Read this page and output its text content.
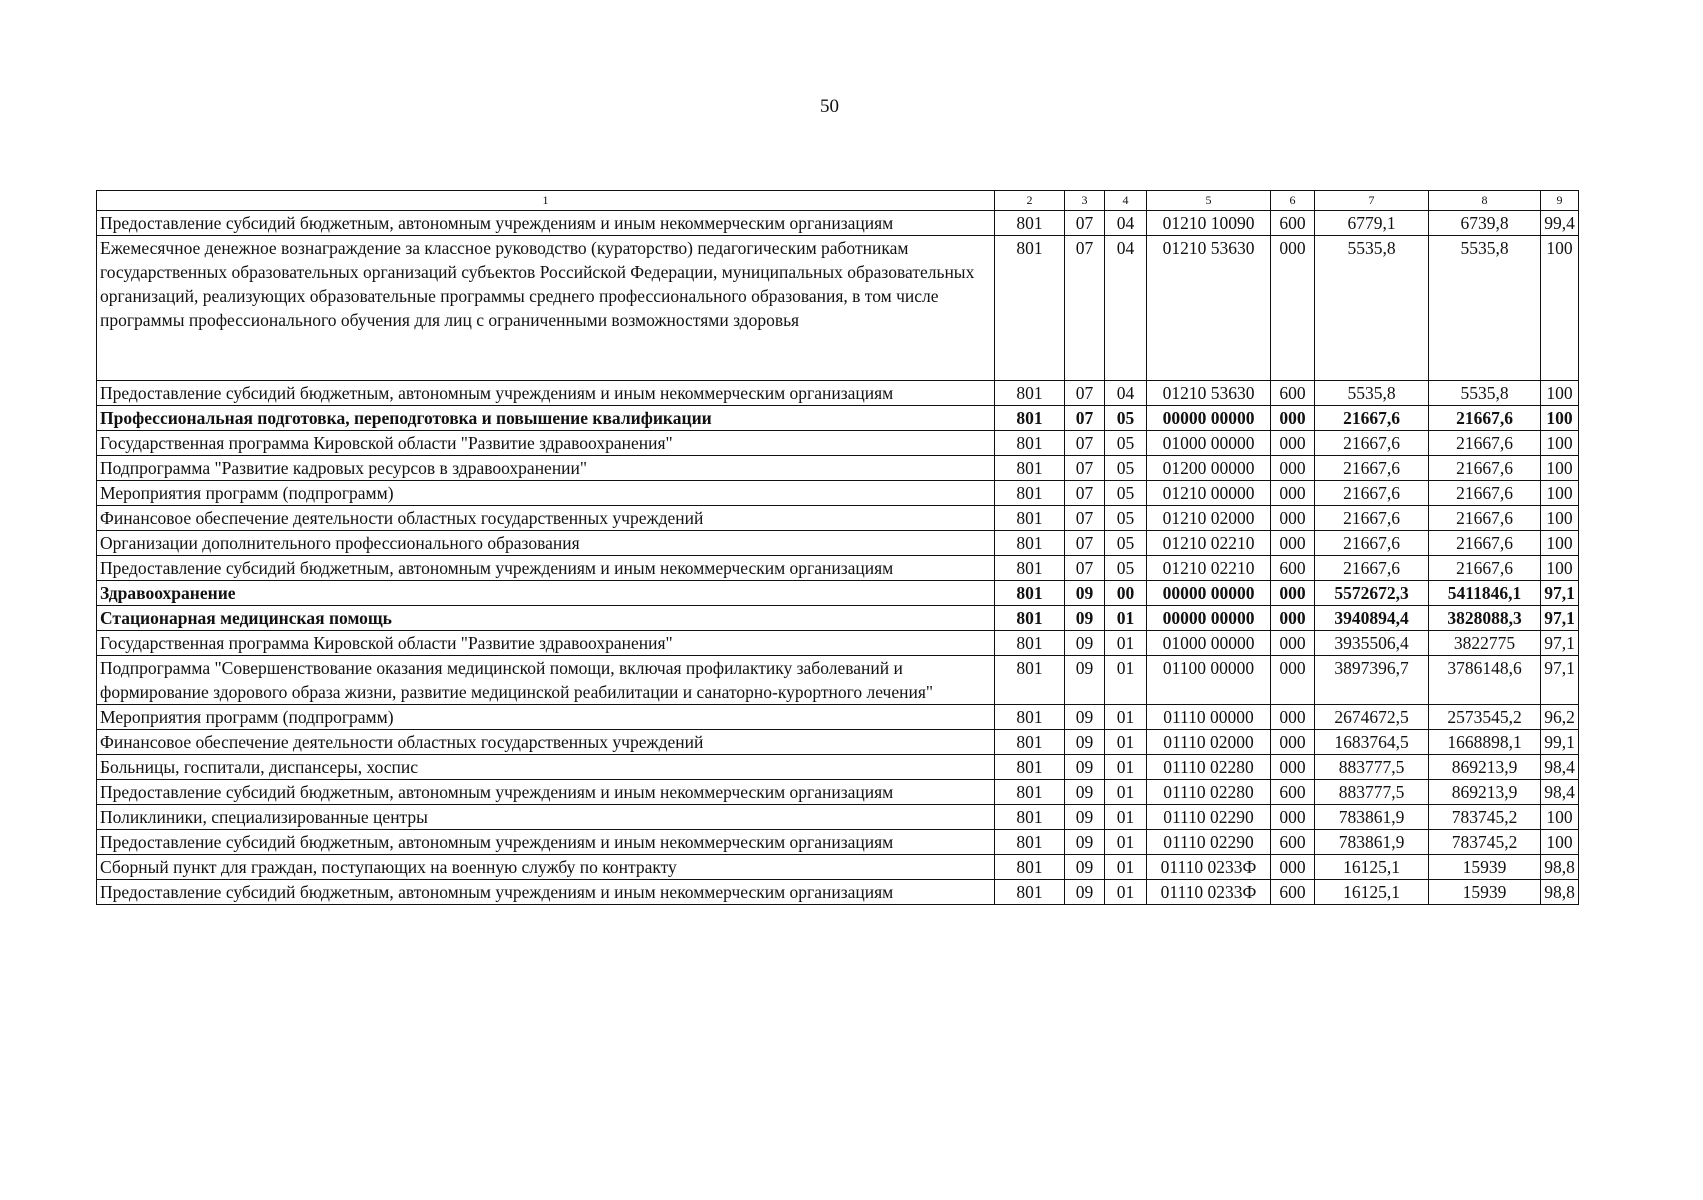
50
1	2	3	4	5	6	7	8	9
Предоставление субсидий бюджетным, автономным учреждениям и иным некоммерческим организациям	801	07	04	01210 10090	600	6779,1	6739,8	99,4
Ежемесячное денежное вознаграждение за классное руководство (кураторство) педагогическим работникам государственных образовательных организаций субъектов Российской Федерации, муниципальных образовательных организаций, реализующих образовательные программы среднего профессионального образования, в том числе программы профессионального обучения для лиц с ограниченными возможностями здоровья	801	07	04	01210 53630	000	5535,8	5535,8	100
Предоставление субсидий бюджетным, автономным учреждениям и иным некоммерческим организациям	801	07	04	01210 53630	600	5535,8	5535,8	100
Профессиональная подготовка, переподготовка и повышение квалификации	801	07	05	00000 00000	000	21667,6	21667,6	100
Государственная программа Кировской области "Развитие здравоохранения"	801	07	05	01000 00000	000	21667,6	21667,6	100
Подпрограмма "Развитие кадровых ресурсов в здравоохранении"	801	07	05	01200 00000	000	21667,6	21667,6	100
Мероприятия программ (подпрограмм)	801	07	05	01210 00000	000	21667,6	21667,6	100
Финансовое обеспечение деятельности областных государственных учреждений	801	07	05	01210 02000	000	21667,6	21667,6	100
Организации дополнительного профессионального образования	801	07	05	01210 02210	000	21667,6	21667,6	100
Предоставление субсидий бюджетным, автономным учреждениям и иным некоммерческим организациям	801	07	05	01210 02210	600	21667,6	21667,6	100
Здравоохранение	801	09	00	00000 00000	000	5572672,3	5411846,1	97,1
Стационарная медицинская помощь	801	09	01	00000 00000	000	3940894,4	3828088,3	97,1
Государственная программа Кировской области "Развитие здравоохранения"	801	09	01	01000 00000	000	3935506,4	3822775	97,1
Подпрограмма "Совершенствование оказания медицинской помощи, включая профилактику заболеваний и формирование здорового образа жизни, развитие медицинской реабилитации и санаторно-курортного лечения"	801	09	01	01100 00000	000	3897396,7	3786148,6	97,1
Мероприятия программ (подпрограмм)	801	09	01	01110 00000	000	2674672,5	2573545,2	96,2
Финансовое обеспечение деятельности областных государственных учреждений	801	09	01	01110 02000	000	1683764,5	1668898,1	99,1
Больницы, госпитали, диспансеры, хоспис	801	09	01	01110 02280	000	883777,5	869213,9	98,4
Предоставление субсидий бюджетным, автономным учреждениям и иным некоммерческим организациям	801	09	01	01110 02280	600	883777,5	869213,9	98,4
Поликлиники, специализированные центры	801	09	01	01110 02290	000	783861,9	783745,2	100
Предоставление субсидий бюджетным, автономным учреждениям и иным некоммерческим организациям	801	09	01	01110 02290	600	783861,9	783745,2	100
Сборный пункт для граждан, поступающих на военную службу по контракту	801	09	01	01110 0233Ф	000	16125,1	15939	98,8
Предоставление субсидий бюджетным, автономным учреждениям и иным некоммерческим организациям	801	09	01	01110 0233Ф	600	16125,1	15939	98,8
